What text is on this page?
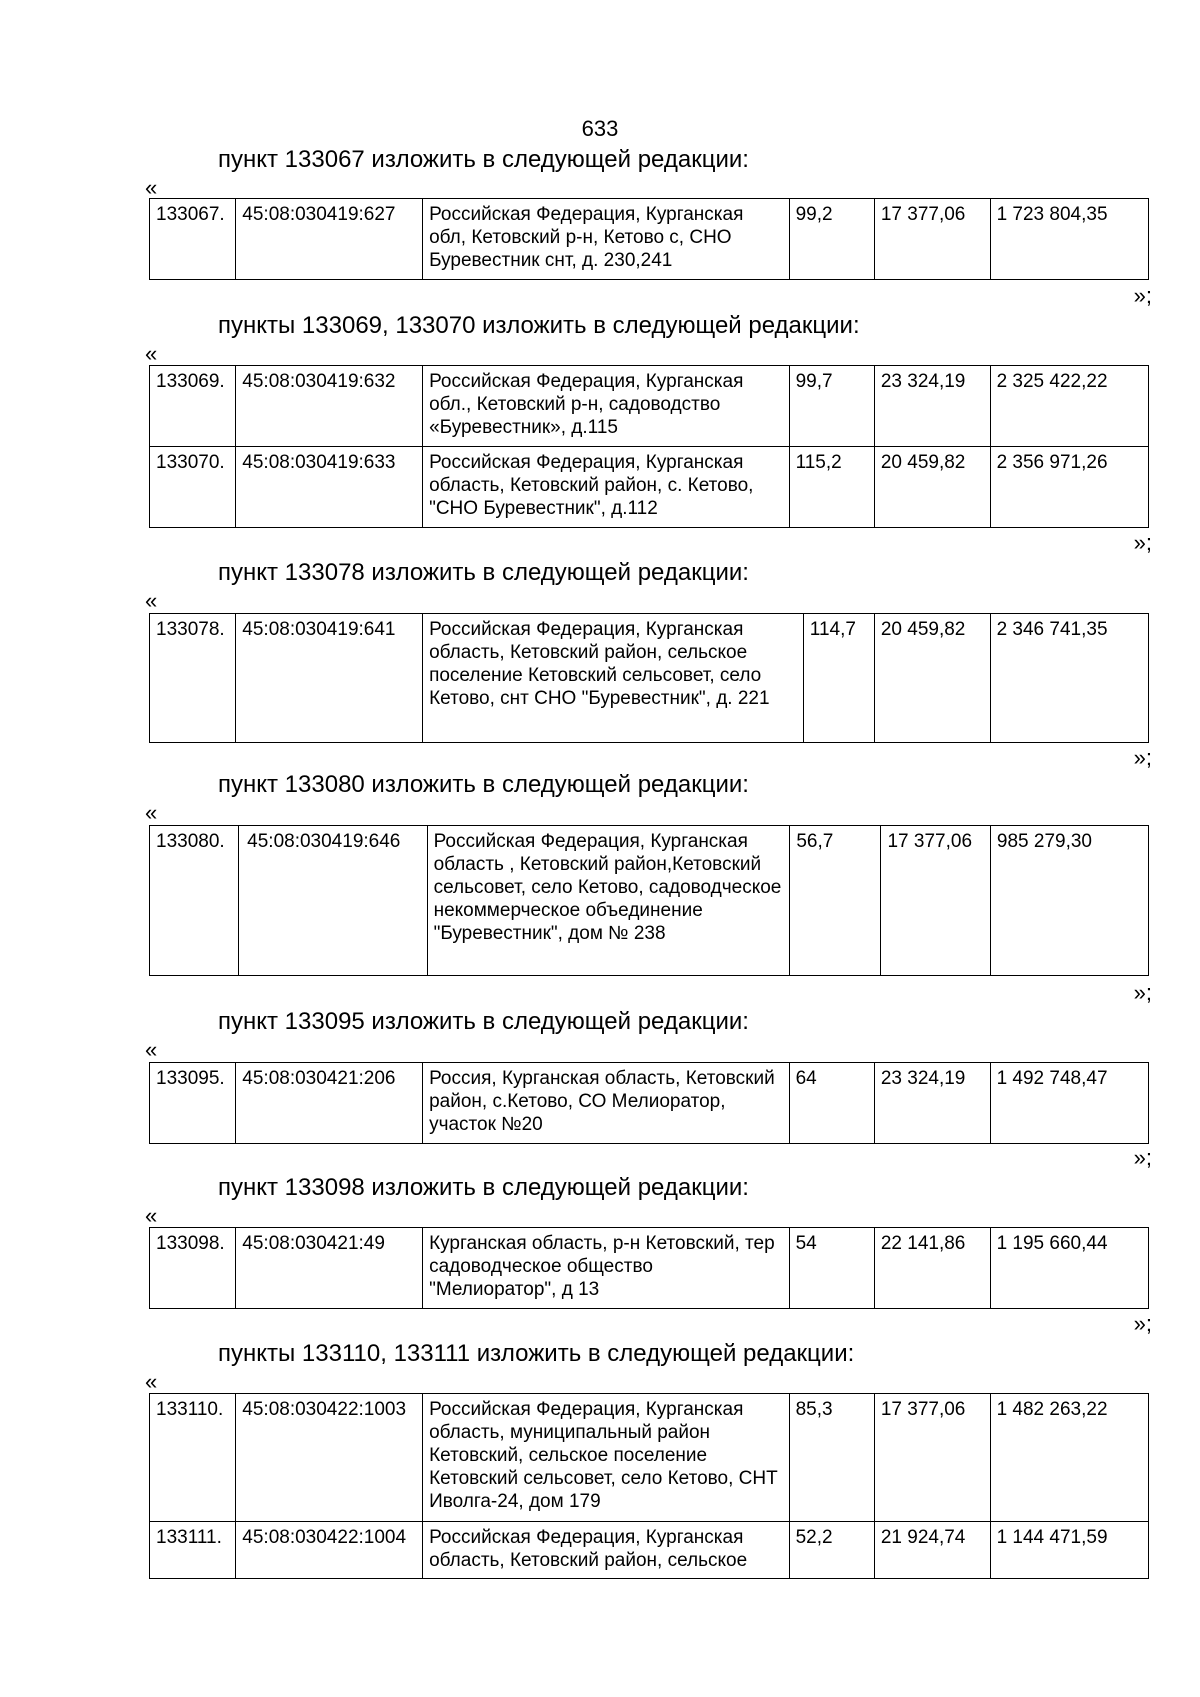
633
пункт 133067 изложить в следующей редакции:
«
133067.	45:08:030419:627	Российская Федерация, Курганская обл, Кетовский р-н, Кетово с, СНО Буревестник снт, д. 230,241	99,2	17 377,06	1 723 804,35
»;
пункты 133069, 133070 изложить в следующей редакции:
«
133069.	45:08:030419:632	Российская Федерация, Курганская обл., Кетовский р-н, садоводство «Буревестник», д.115	99,7	23 324,19	2 325 422,22
133070.	45:08:030419:633	Российская Федерация, Курганская область, Кетовский район, с. Кетово, "СНО Буревестник", д.112	115,2	20 459,82	2 356 971,26
»;
пункт 133078 изложить в следующей редакции:
«
133078.	45:08:030419:641	Российская Федерация, Курганская область, Кетовский район, сельское поселение Кетовский сельсовет, село Кетово, снт СНО "Буревестник", д. 221	114,7	20 459,82	2 346 741,35
»;
пункт 133080 изложить в следующей редакции:
«
133080.	45:08:030419:646	Российская Федерация, Курганская область , Кетовский район,Кетовский сельсовет, село Кетово, садоводческое некоммерческое объединение "Буревестник", дом № 238	56,7	17 377,06	985 279,30
»;
пункт 133095 изложить в следующей редакции:
«
133095.	45:08:030421:206	Россия, Курганская область, Кетовский район, с.Кетово, СО Мелиоратор, участок №20	64	23 324,19	1 492 748,47
»;
пункт 133098 изложить в следующей редакции:
«
133098.	45:08:030421:49	Курганская область, р-н Кетовский, тер садоводческое общество "Мелиоратор", д 13	54	22 141,86	1 195 660,44
»;
пункты 133110, 133111 изложить в следующей редакции:
«
133110.	45:08:030422:1003	Российская Федерация, Курганская область, муниципальный район Кетовский, сельское поселение Кетовский сельсовет, село Кетово, СНТ Иволга-24, дом 179	85,3	17 377,06	1 482 263,22
133111.	45:08:030422:1004	Российская Федерация, Курганская область, Кетовский район, сельское	52,2	21 924,74	1 144 471,59
